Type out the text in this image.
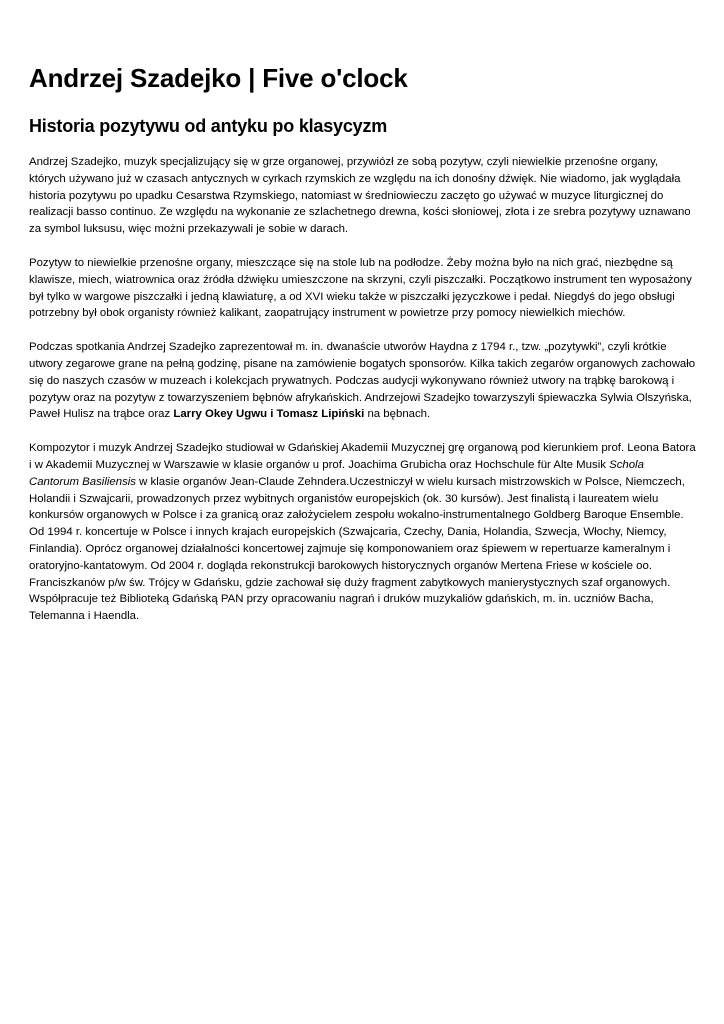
Andrzej Szadejko | Five o'clock
Historia pozytywu od antyku po klasycyzm

Andrzej Szadejko, muzyk specjalizujący się w grze organowej, przywiózł ze sobą pozytyw, czyli niewielkie przenośne organy, których używano już w czasach antycznych w cyrkach rzymskich ze względu na ich donośny dźwięk. Nie wiadomo, jak wyglądała historia pozytywu po upadku Cesarstwa Rzymskiego, natomiast w średniowieczu zaczęto go używać w muzyce liturgicznej do realizacji basso continuo. Ze względu na wykonanie ze szlachetnego drewna, kości słoniowej, złota i ze srebra pozytywy uznawano za symbol luksusu, więc możni przekazywali je sobie w darach.

Pozytyw to niewielkie przenośne organy, mieszczące się na stole lub na podłodze. Żeby można było na nich grać, niezbędne są klawisze, miech, wiatrownica oraz źródła dźwięku umieszczone na skrzyni, czyli piszczałki. Początkowo instrument ten wyposażony był tylko w wargowe piszczałki i jedną klawiaturę, a od XVI wieku także w piszczałki języczkowe i pedał. Niegdyś do jego obsługi potrzebny był obok organisty również kalikant, zaopatrujący instrument w powietrze przy pomocy niewielkich miechów.

Podczas spotkania Andrzej Szadejko zaprezentował m. in. dwanaście utworów Haydna z 1794 r., tzw. „pozytywki”, czyli krótkie utwory zegarowe grane na pełną godzinę, pisane na zamówienie bogatych sponsorów. Kilka takich zegarów organowych zachowało się do naszych czasów w muzeach i kolekcjach prywatnych. Podczas audycji wykonywano również utwory na trąbkę barokową i pozytyw oraz na pozytyw z towarzyszeniem bębnów afrykańskich. Andrzejowi Szadejko towarzyszyli śpiewaczka Sylwia Olszyńska, Paweł Hulisz na trąbce oraz Larry Okey Ugwu i Tomasz Lipiński na bębnach.

Kompozytor i muzyk Andrzej Szadejko studiował w Gdańskiej Akademii Muzycznej grę organową pod kierunkiem prof. Leona Batora i w Akademii Muzycznej w Warszawie w klasie organów u prof. Joachima Grubicha oraz Hochschule für Alte Musik Schola Cantorum Basiliensis w klasie organów Jean-Claude Zehndera.Uczestniczył w wielu kursach mistrzowskich w Polsce, Niemczech, Holandii i Szwajcarii, prowadzonych przez wybitnych organistów europejskich (ok. 30 kursów). Jest finalistą i laureatem wielu konkursów organowych w Polsce i za granicą oraz założycielem zespołu wokalno-instrumentalnego Goldberg Baroque Ensemble. Od 1994 r. koncertuje w Polsce i innych krajach europejskich (Szwajcaria, Czechy, Dania, Holandia, Szwecja, Włochy, Niemcy, Finlandia). Oprócz organowej działalności koncertowej zajmuje się komponowaniem oraz śpiewem w repertuarze kameralnym i oratoryjno-kantatowym. Od 2004 r. dogląda rekonstrukcji barokowych historycznych organów Mertena Friese w kościele oo. Franciszkanów p/w św. Trójcy w Gdańsku, gdzie zachował się duży fragment zabytkowych manierystycznych szaf organowych. Współpracuje też Biblioteką Gdańską PAN przy opracowaniu nagrań i druków muzykaliów gdańskich, m. in. uczniów Bacha, Telemanna i Haendla.
